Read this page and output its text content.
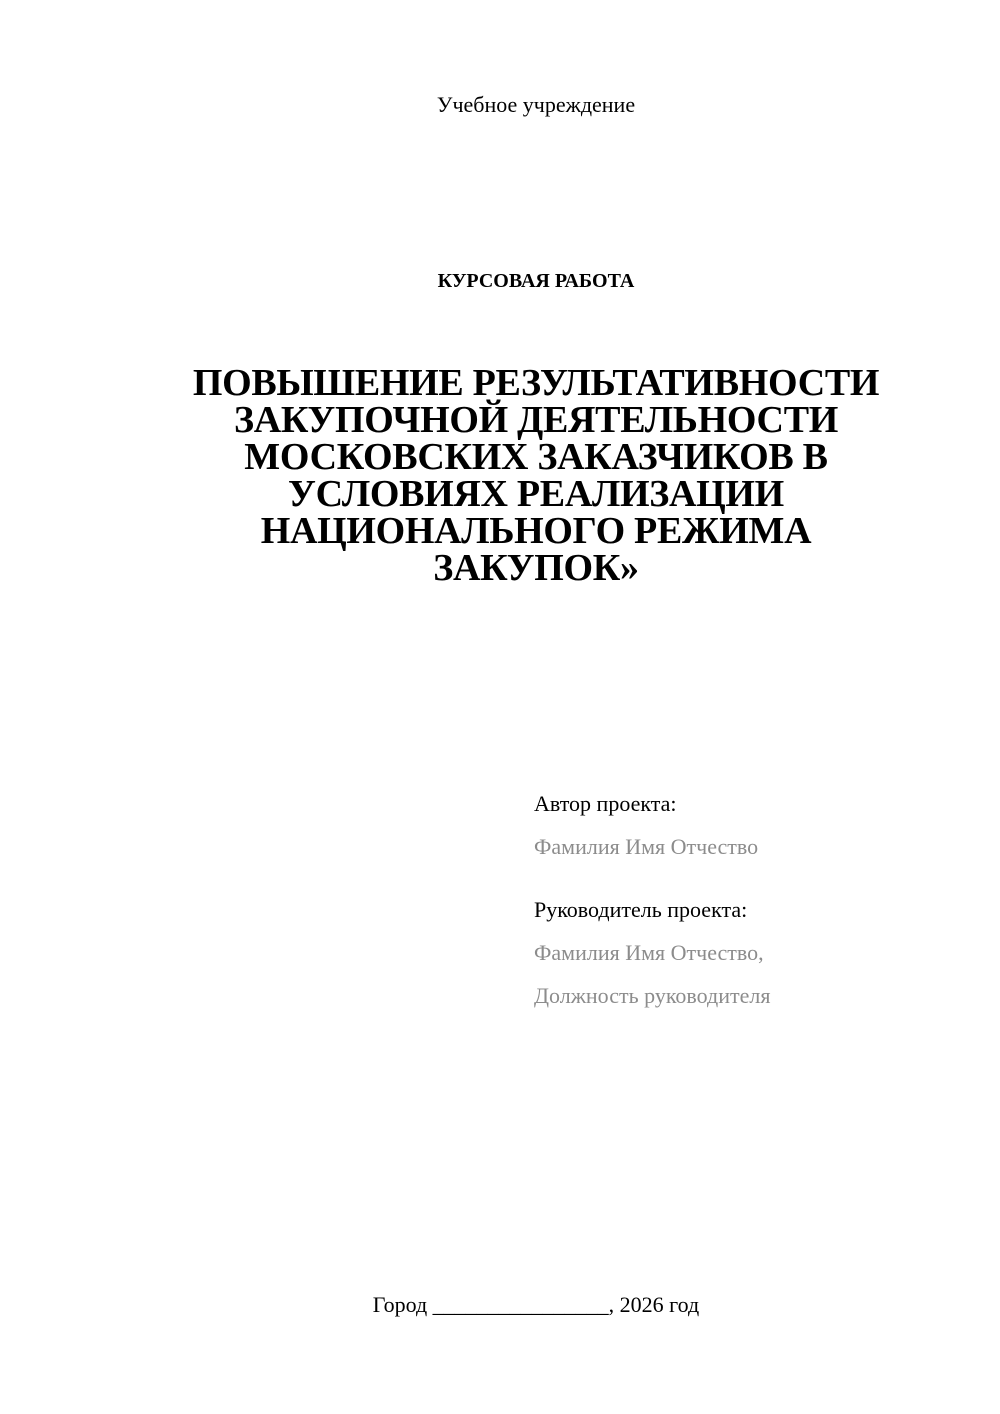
Учебное учреждение
КУРСОВАЯ РАБОТА
ПОВЫШЕНИЕ РЕЗУЛЬТАТИВНОСТИ
ЗАКУПОЧНОЙ ДЕЯТЕЛЬНОСТИ
МОСКОВСКИХ ЗАКАЗЧИКОВ В
УСЛОВИЯХ РЕАЛИЗАЦИИ
НАЦИОНАЛЬНОГО РЕЖИМА
ЗАКУПОК»
Автор проекта:
Фамилия Имя Отчество
Руководитель проекта:
Фамилия Имя Отчество,
Должность руководителя
Город ________________, 2026 год
